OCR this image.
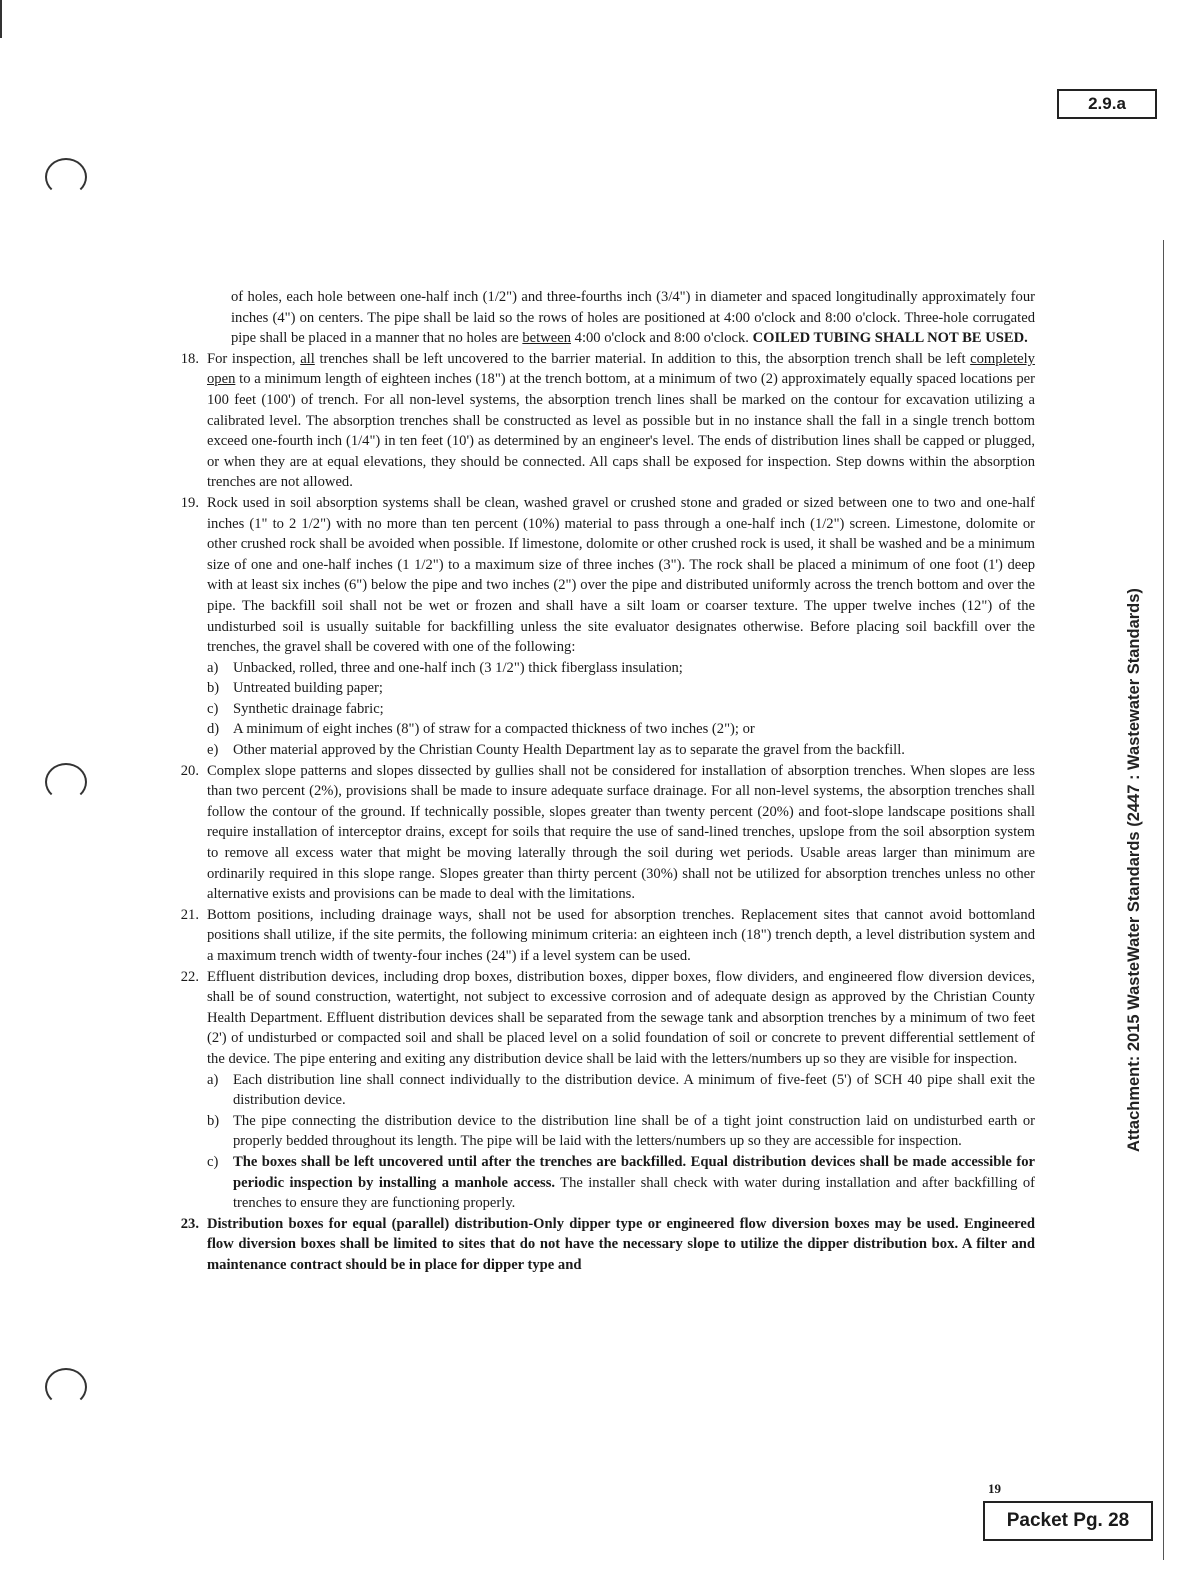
2.9.a
Attachment: 2015 WasteWater Standards (2447 : Wastewater Standards)

of holes, each hole between one-half inch (1/2") and three-fourths inch (3/4") in diameter and spaced longitudinally approximately four inches (4") on centers. The pipe shall be laid so the rows of holes are positioned at 4:00 o'clock and 8:00 o'clock. Three-hole corrugated pipe shall be placed in a manner that no holes are between 4:00 o'clock and 8:00 o'clock. COILED TUBING SHALL NOT BE USED.

18. For inspection, all trenches shall be left uncovered to the barrier material. In addition to this, the absorption trench shall be left completely open to a minimum length of eighteen inches (18") at the trench bottom, at a minimum of two (2) approximately equally spaced locations per 100 feet (100') of trench. For all non-level systems, the absorption trench lines shall be marked on the contour for excavation utilizing a calibrated level. The absorption trenches shall be constructed as level as possible but in no instance shall the fall in a single trench bottom exceed one-fourth inch (1/4") in ten feet (10') as determined by an engineer's level. The ends of distribution lines shall be capped or plugged, or when they are at equal elevations, they should be connected. All caps shall be exposed for inspection. Step downs within the absorption trenches are not allowed.
19. Rock used in soil absorption systems shall be clean, washed gravel or crushed stone and graded or sized between one to two and one-half inches (1" to 2 1/2") with no more than ten percent (10%) material to pass through a one-half inch (1/2") screen. Limestone, dolomite or other crushed rock shall be avoided when possible. If limestone, dolomite or other crushed rock is used, it shall be washed and be a minimum size of one and one-half inches (1 1/2") to a maximum size of three inches (3"). The rock shall be placed a minimum of one foot (1') deep with at least six inches (6") below the pipe and two inches (2") over the pipe and distributed uniformly across the trench bottom and over the pipe. The backfill soil shall not be wet or frozen and shall have a silt loam or coarser texture. The upper twelve inches (12") of the undisturbed soil is usually suitable for backfilling unless the site evaluator designates otherwise. Before placing soil backfill over the trenches, the gravel shall be covered with one of the following:

a)	Unbacked, rolled, three and one-half inch (3 1/2") thick fiberglass insulation;
b) Untreated building paper;
c)	Synthetic drainage fabric;
d) A minimum of eight inches (8") of straw for a compacted thickness of two inches (2"); or
e)	Other material approved by the Christian County Health Department lay as to separate the gravel from the backfill.
20. Complex slope patterns and slopes dissected by gullies shall not be considered for installation of absorption trenches. When slopes are less than two percent (2%), provisions shall be made to insure adequate surface drainage. For all non-level systems, the absorption trenches shall follow the contour of the ground. If technically possible, slopes greater than twenty percent (20%) and foot-slope landscape positions shall require installation of interceptor drains, except for soils that require the use of sand-lined trenches, upslope from the soil absorption system to remove all excess water that might be moving laterally through the soil during wet periods. Usable areas larger than minimum are ordinarily required in this slope range. Slopes greater than thirty percent (30%) shall not be utilized for absorption trenches unless no other alternative exists and provisions can be made to deal with the limitations.
21. Bottom positions, including drainage ways, shall not be used for absorption trenches. Replacement sites that cannot avoid bottomland positions shall utilize, if the site permits, the following minimum criteria: an eighteen inch (18") trench depth, a level distribution system and a maximum trench width of twenty-four inches (24") if a level system can be used.
22. Effluent distribution devices, including drop boxes, distribution boxes, dipper boxes, flow dividers, and engineered flow diversion devices, shall be of sound construction, watertight, not subject to excessive corrosion and of adequate design as approved by the Christian County Health Department. Effluent distribution devices shall be separated from the sewage tank and absorption trenches by a minimum of two feet (2') of undisturbed or compacted soil and shall be placed level on a solid foundation of soil or concrete to prevent differential settlement of the device. The pipe entering and exiting any distribution device shall be laid with the letters/numbers up so they are visible for inspection.

a)	Each distribution line shall connect individually to the distribution device. A minimum of five-feet (5') of SCH 40 pipe shall exit the distribution device.
b) The pipe connecting the distribution device to the distribution line shall be of a tight joint construction laid on undisturbed earth or properly bedded throughout its length. The pipe will be laid with the letters/numbers up so they are accessible for inspection.
c)	The boxes shall be left uncovered until after the trenches are backfilled. Equal distribution devices shall be made accessible for periodic inspection by installing a manhole access. The installer shall check with water during installation and after backfilling of trenches to ensure they are functioning properly.
23. Distribution boxes for equal (parallel) distribution-Only dipper type or engineered flow diversion boxes may be used. Engineered flow diversion boxes shall be limited to sites that do not have the necessary slope to utilize the dipper distribution box. A filter and maintenance contract should be in place for dipper type and
19
Packet Pg. 28
